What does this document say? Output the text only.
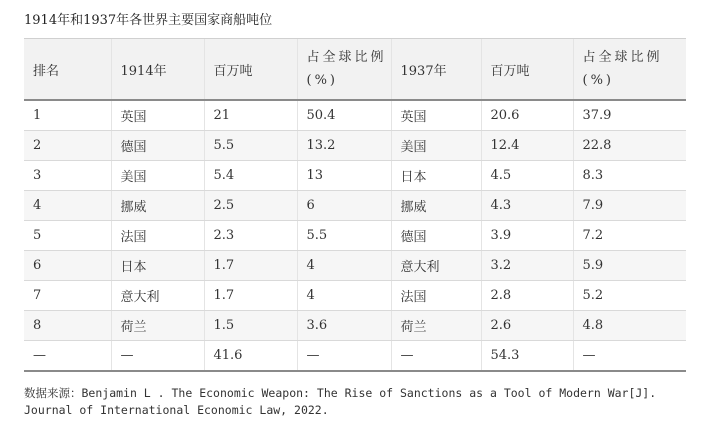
1914年和1937年各世界主要国家商船吨位
排名	1914年	百万吨	占全球比例(%)	1937年	百万吨	占全球比例(%)

1	英国	21	50.4	英国	20.6	37.9
2	德国	5.5	13.2	美国	12.4	22.8
3	美国	5.4	13	日本	4.5	8.3
4	挪威	2.5	6	挪威	4.3	7.9
5	法国	2.3	5.5	德国	3.9	7.2
6	日本	1.7	4	意大利	3.2	5.9
7	意大利	1.7	4	法国	2.8	5.2
8	荷兰	1.5	3.6	荷兰	2.6	4.8
—	—	41.6	—	—	54.3	—
数据来源：Benjamin L . The Economic Weapon: The Rise of Sanctions as a Tool of Modern War[J]. Journal of International Economic Law, 2022.
